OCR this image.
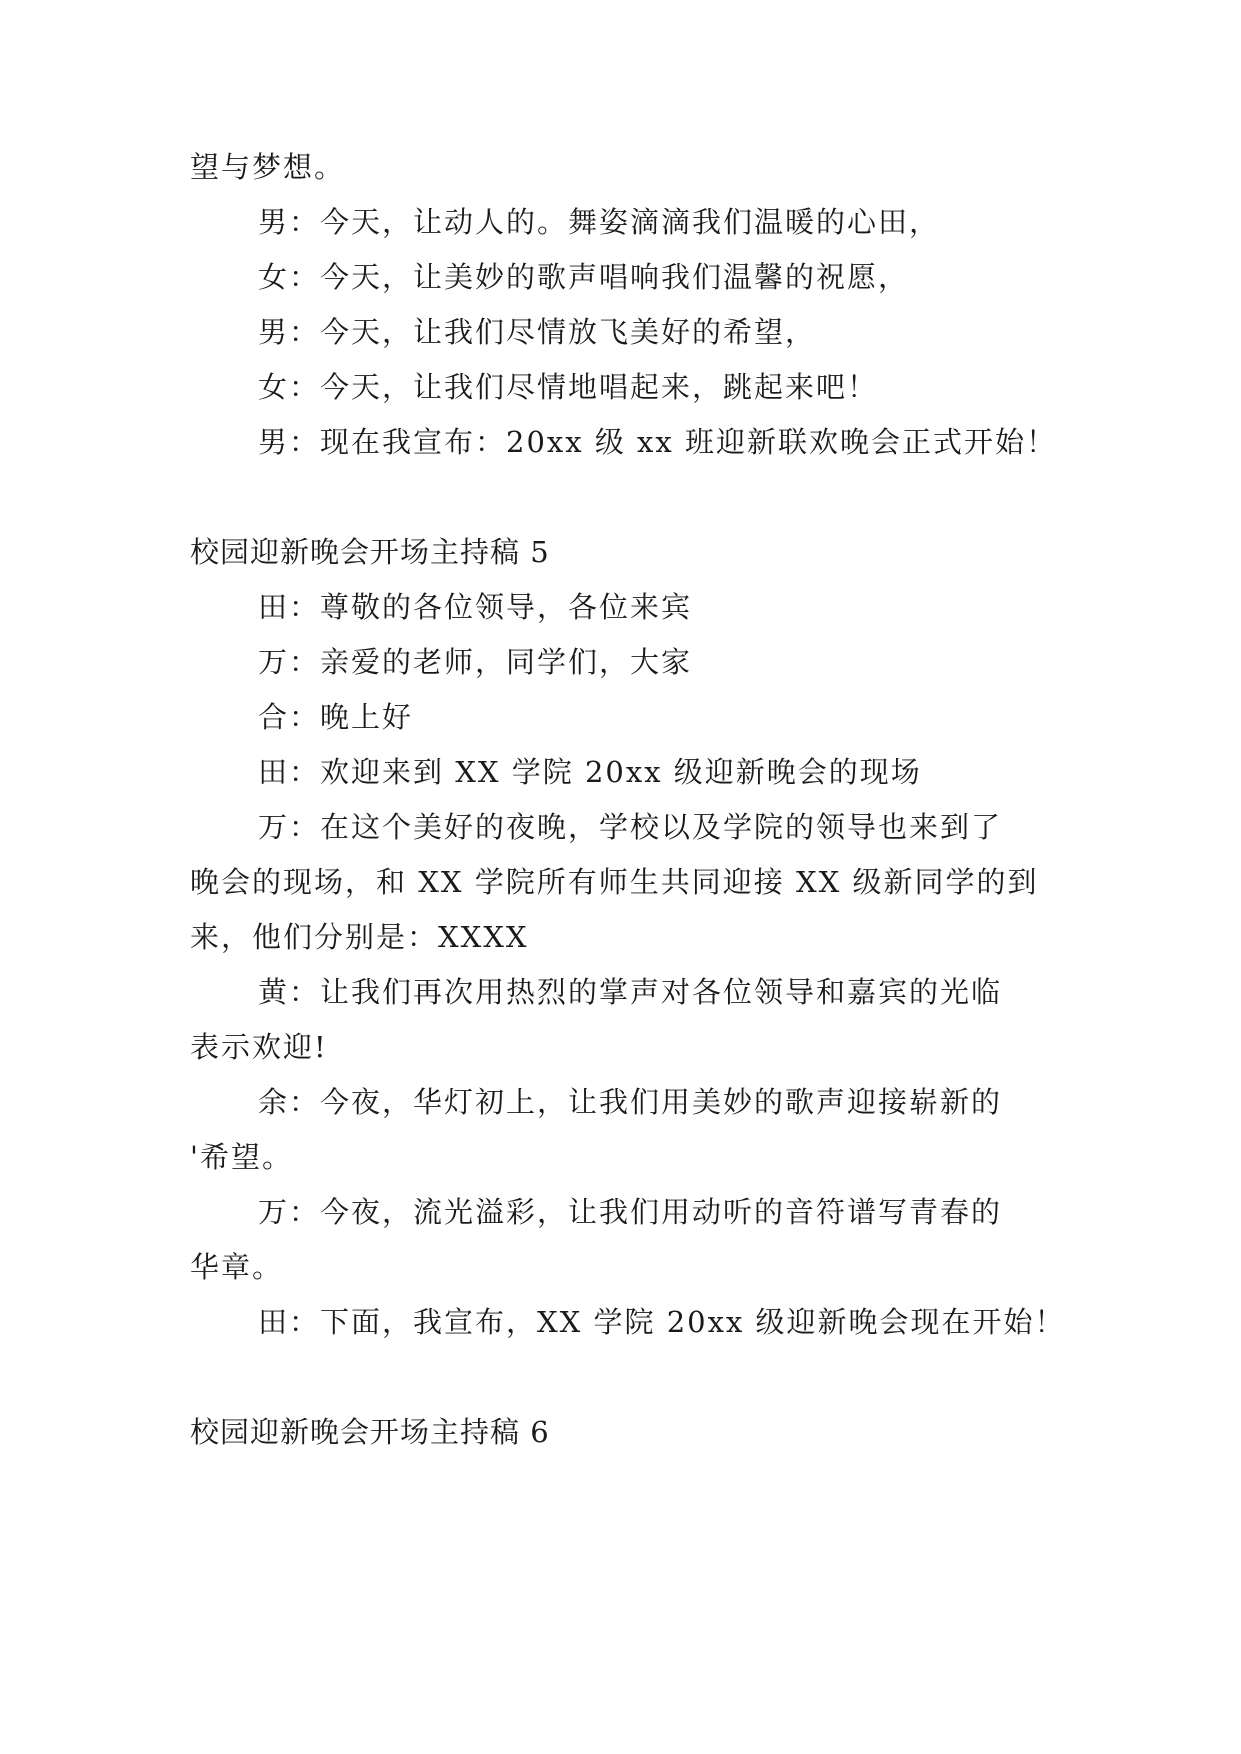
望与梦想。
男：今天，让动人的。舞姿滴滴我们温暖的心田，
女：今天，让美妙的歌声唱响我们温馨的祝愿，
男：今天，让我们尽情放飞美好的希望，
女：今天，让我们尽情地唱起来，跳起来吧！
男：现在我宣布：20xx 级 xx 班迎新联欢晚会正式开始！
校园迎新晚会开场主持稿 5
田：尊敬的各位领导，各位来宾
万：亲爱的老师，同学们，大家
合：晚上好
田：欢迎来到 XX 学院 20xx 级迎新晚会的现场
万：在这个美好的夜晚，学校以及学院的领导也来到了
晚会的现场，和 XX 学院所有师生共同迎接 XX 级新同学的到
来，他们分别是：XXXX
黄：让我们再次用热烈的掌声对各位领导和嘉宾的光临
表示欢迎!
余：今夜，华灯初上，让我们用美妙的歌声迎接崭新的
'希望。
万：今夜，流光溢彩，让我们用动听的音符谱写青春的
华章。
田：下面，我宣布，XX 学院 20xx 级迎新晚会现在开始！
校园迎新晚会开场主持稿 6
